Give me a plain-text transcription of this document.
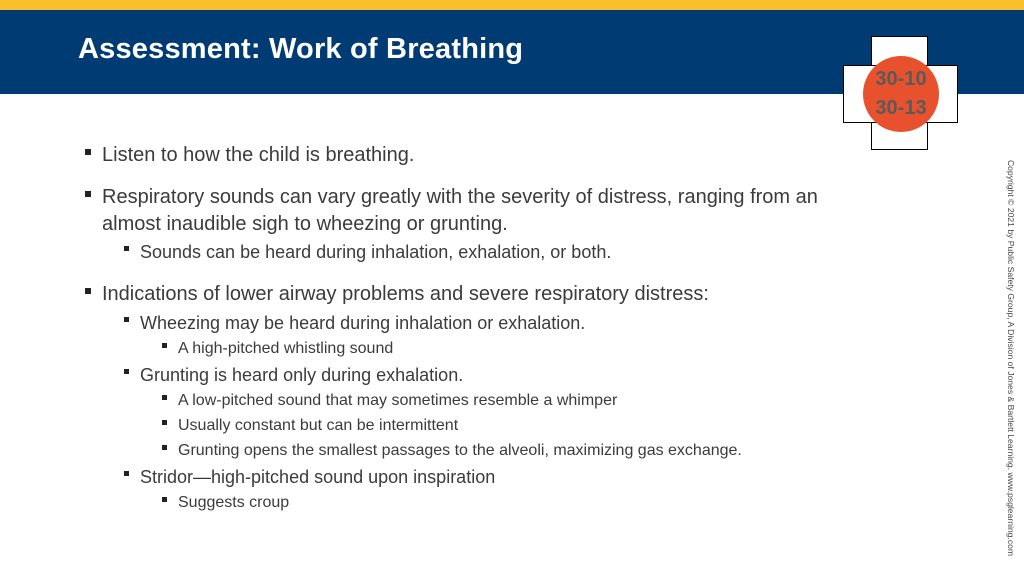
Assessment: Work of Breathing
30-10
30-13
Listen to how the child is breathing.
Respiratory sounds can vary greatly with the severity of distress, ranging from an
almost inaudible sigh to wheezing or grunting.
Sounds can be heard during inhalation, exhalation, or both.
Indications of lower airway problems and severe respiratory distress:
Wheezing may be heard during inhalation or exhalation.
A high-pitched whistling sound
Grunting is heard only during exhalation.
A low-pitched sound that may sometimes resemble a whimper
Usually constant but can be intermittent
Grunting opens the smallest passages to the alveoli, maximizing gas exchange.
Stridor—high-pitched sound upon inspiration
Suggests croup	Copyright © 2021 by Public Safety Group, A Division of Jones & Bartlett Learning. www.psglearning.com
